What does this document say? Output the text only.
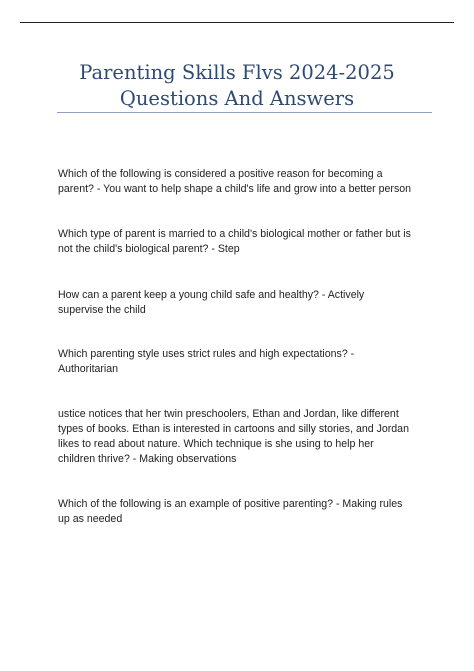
Parenting Skills Flvs 2024-2025
Questions And Answers

Which of the following is considered a positive reason for becoming a
parent? - You want to help shape a child's life and grow into a better person

Which type of parent is married to a child's biological mother or father but is
not the child's biological parent? - Step

How can a parent keep a young child safe and healthy? - Actively
supervise the child

Which parenting style uses strict rules and high expectations? -
Authoritarian

ustice notices that her twin preschoolers, Ethan and Jordan, like different
types of books. Ethan is interested in cartoons and silly stories, and Jordan
likes to read about nature. Which technique is she using to help her
children thrive? - Making observations

Which of the following is an example of positive parenting? - Making rules
up as needed
